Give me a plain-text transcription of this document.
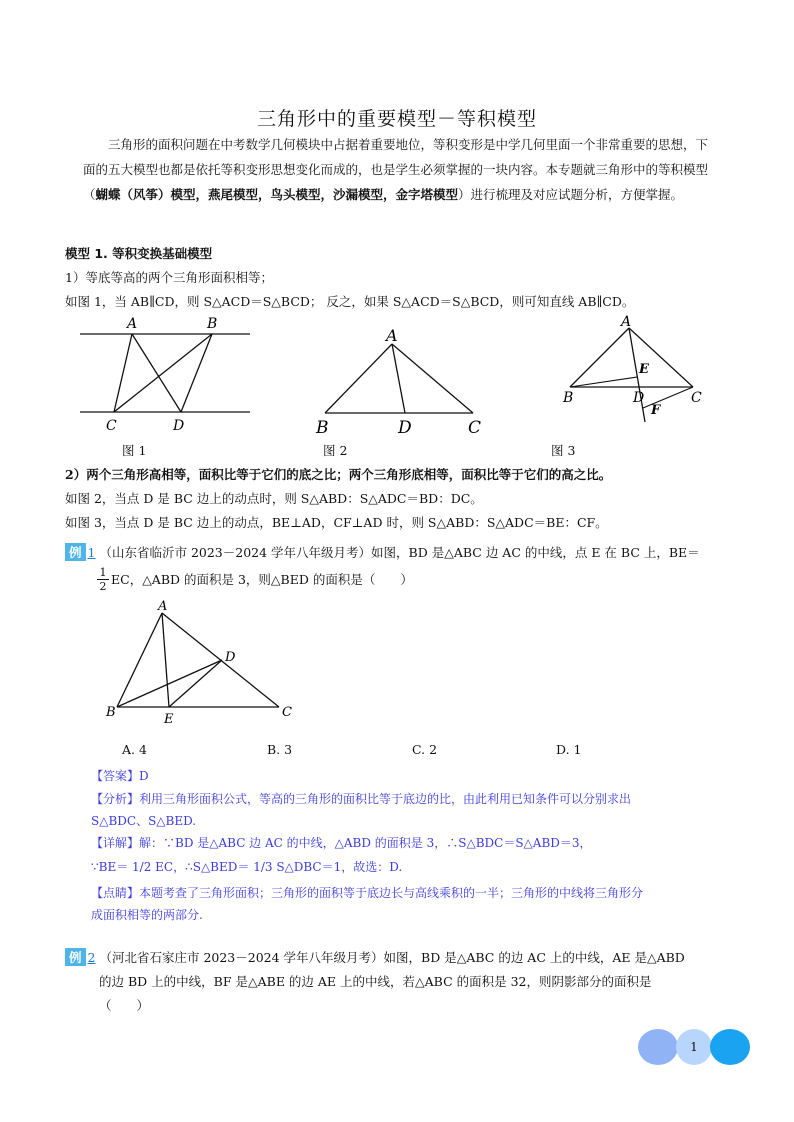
三角形中的重要模型－等积模型
三角形的面积问题在中考数学几何模块中占据着重要地位，等积变形是中学几何里面一个非常重要的思想，下面的五大模型也都是依托等积变形思想变化而成的，也是学生必须掌握的一块内容。本专题就三角形中的等积模型（蝴蝶（风筝）模型，燕尾模型，鸟头模型，沙漏模型，金字塔模型）进行梳理及对应试题分析，方便掌握。
模型 1. 等积变换基础模型
1）等底等高的两个三角形面积相等；
如图 1，当 AB∥CD，则 S△ACD＝S△BCD； 反之，如果 S△ACD＝S△BCD，则可知直线 AB∥CD。
A	B
C	D
图 1
A
B	D	C
图 2
A
E
B	D	C
F
图 3
2）两个三角形高相等，面积比等于它们的底之比；两个三角形底相等，面积比等于它们的高之比。
如图 2，当点 D 是 BC 边上的动点时，则 S△ABD：S△ADC＝BD：DC。
如图 3，当点 D 是 BC 边上的动点，BE⊥AD，CF⊥AD 时，则 S△ABD：S△ADC＝BE：CF。
例 1 （山东省临沂市 2023－2024 学年八年级月考）如图，BD 是△ABC 边 AC 的中线，点 E 在 BC 上，BE＝
$\frac{1}{2}$ EC，△ABD 的面积是 3，则△BED 的面积是（　　）
A
D
B	E	C
A. 4	B. 3	C. 2	D. 1
【答案】D
【分析】利用三角形面积公式，等高的三角形的面积比等于底边的比，由此利用已知条件可以分别求出
S△BDC、S△BED.
【详解】解：∵BD 是△ABC 边 AC 的中线，△ABD 的面积是 3，∴S△BDC＝S△ABD＝3，
∵BE＝ 1/2 EC，∴S△BED＝ 1/3 S△DBC＝1，故选：D.
【点睛】本题考查了三角形面积；三角形的面积等于底边长与高线乘积的一半；三角形的中线将三角形分
成面积相等的两部分.
例 2 （河北省石家庄市 2023－2024 学年八年级月考）如图，BD 是△ABC 的边 AC 上的中线，AE 是△ABD
的边 BD 上的中线，BF 是△ABE 的边 AE 上的中线，若△ABC 的面积是 32，则阴影部分的面积是
（　　）
1
